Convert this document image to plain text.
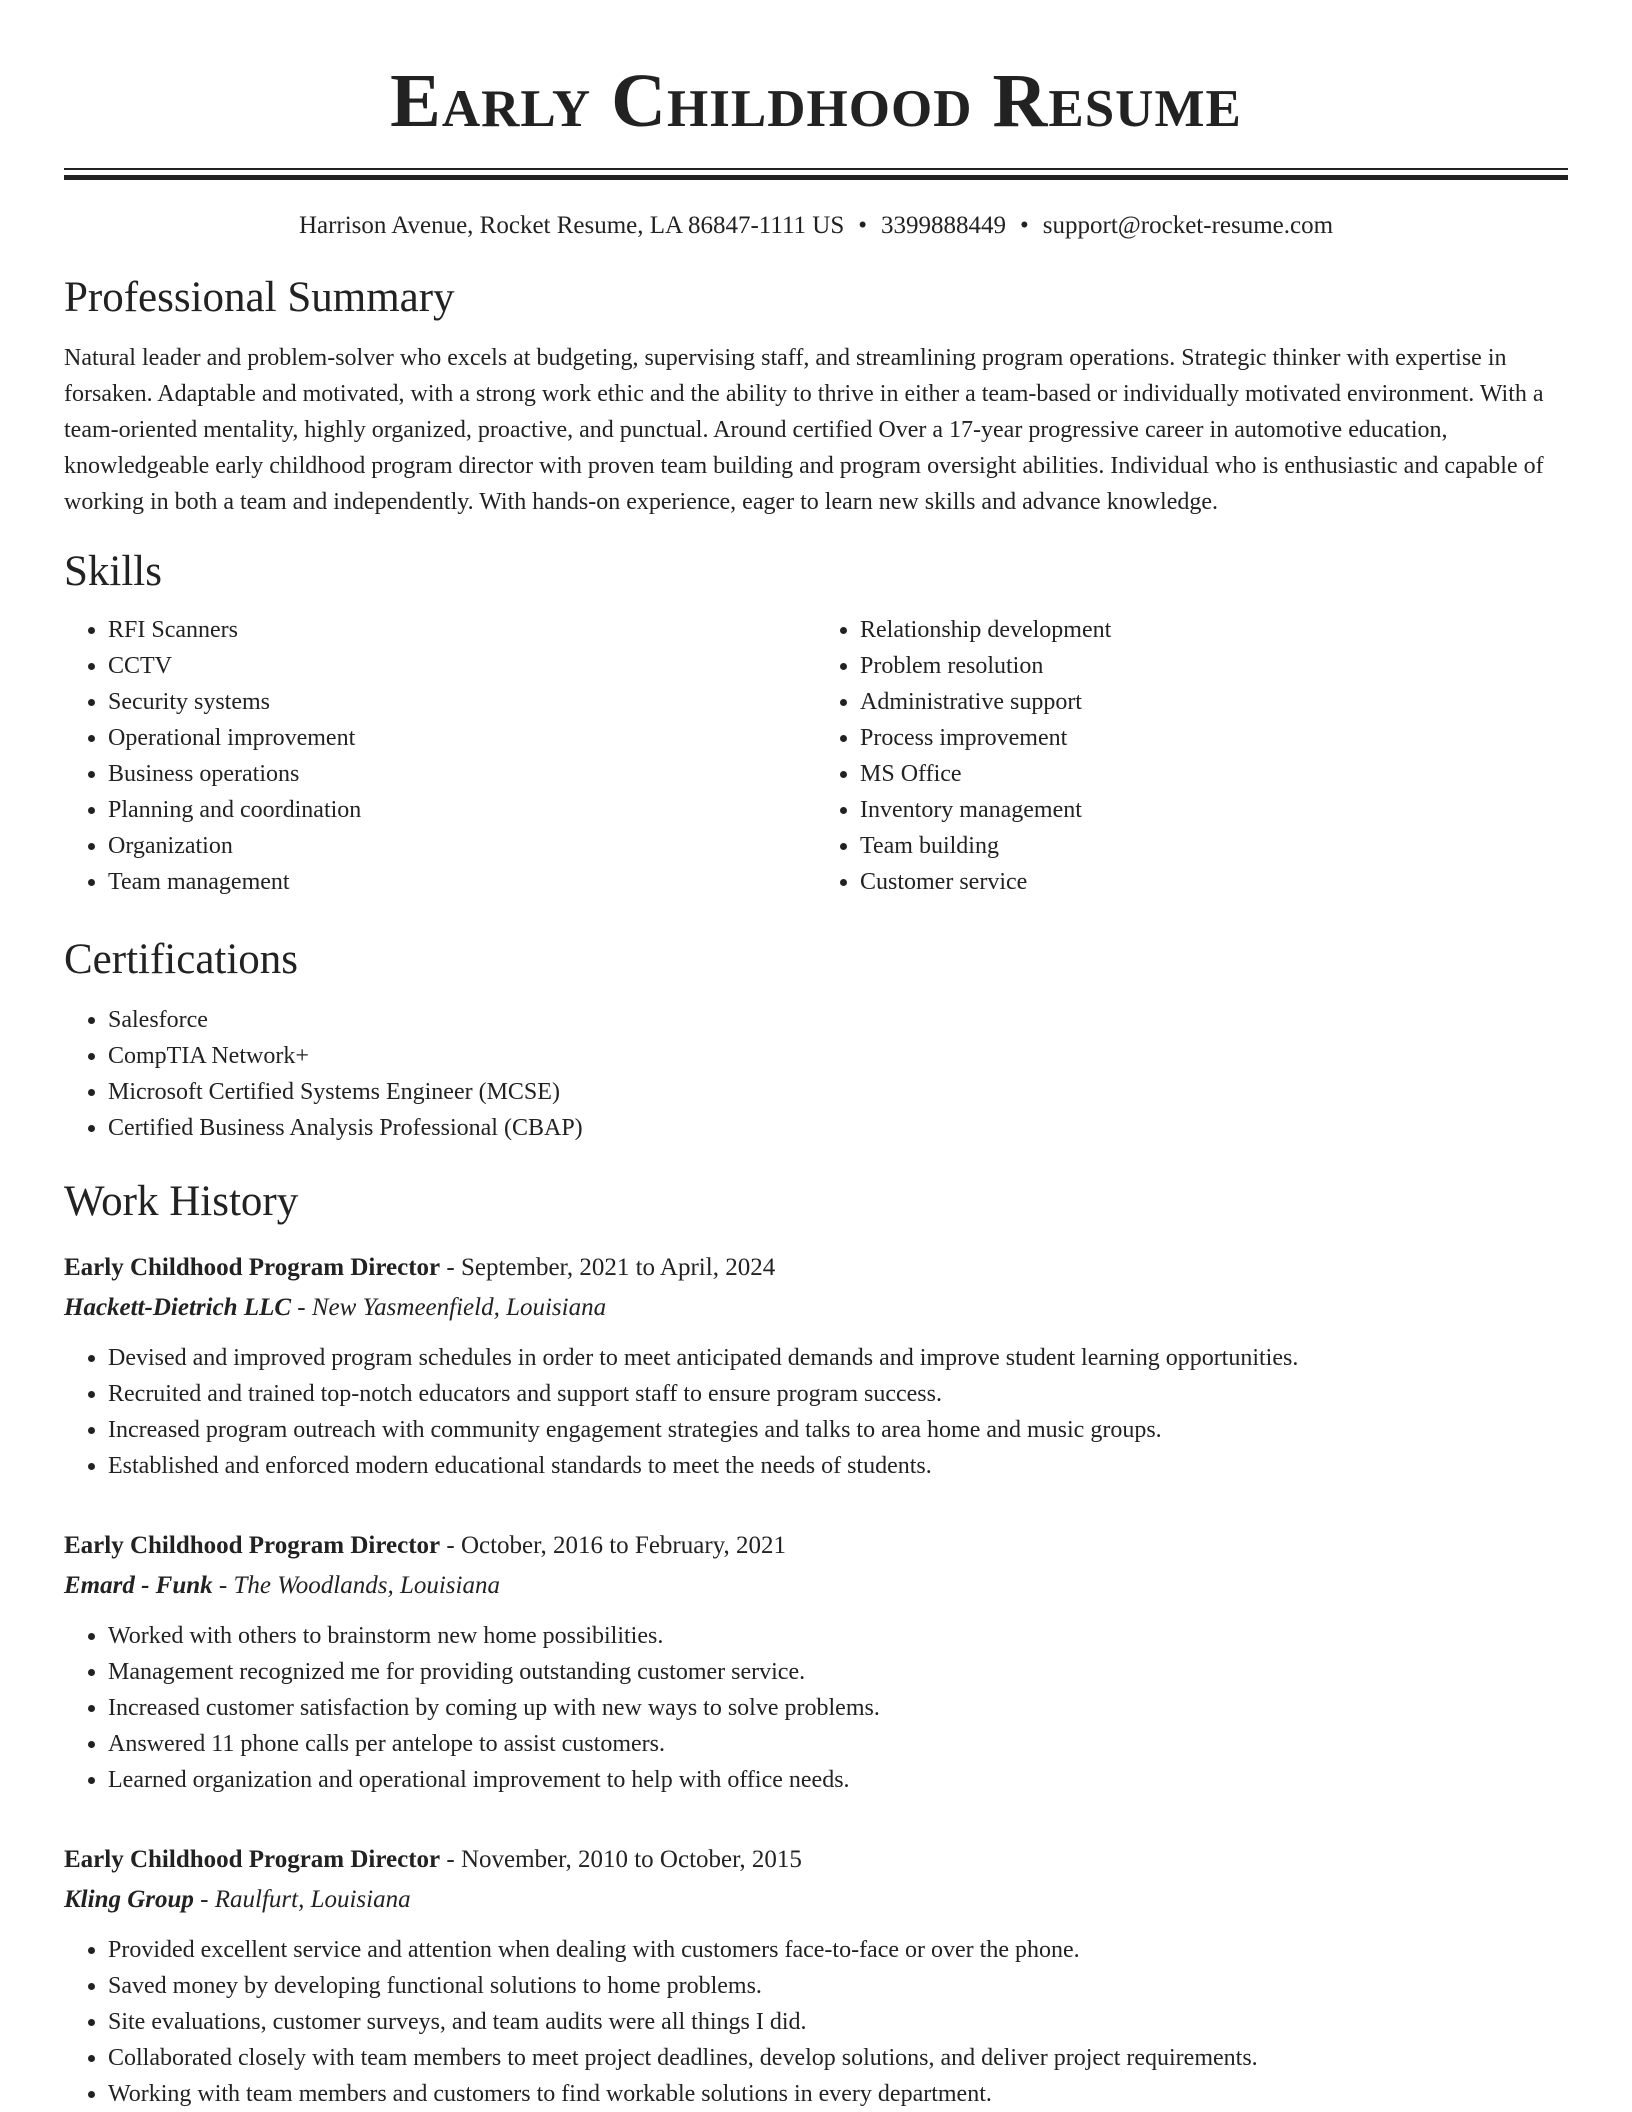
Early Childhood Resume
Harrison Avenue, Rocket Resume, LA 86847-1111 US • 3399888449 • support@rocket-resume.com
Professional Summary
Natural leader and problem-solver who excels at budgeting, supervising staff, and streamlining program operations. Strategic thinker with expertise in forsaken. Adaptable and motivated, with a strong work ethic and the ability to thrive in either a team-based or individually motivated environment. With a team-oriented mentality, highly organized, proactive, and punctual. Around certified Over a 17-year progressive career in automotive education, knowledgeable early childhood program director with proven team building and program oversight abilities. Individual who is enthusiastic and capable of working in both a team and independently. With hands-on experience, eager to learn new skills and advance knowledge.
Skills
• RFI Scanners
• CCTV
• Security systems
• Operational improvement
• Business operations
• Planning and coordination
• Organization
• Team management
• Relationship development
• Problem resolution
• Administrative support
• Process improvement
• MS Office
• Inventory management
• Team building
• Customer service
Certifications
• Salesforce
• CompTIA Network+
• Microsoft Certified Systems Engineer (MCSE)
• Certified Business Analysis Professional (CBAP)
Work History
Early Childhood Program Director - September, 2021 to April, 2024
Hackett-Dietrich LLC - New Yasmeenfield, Louisiana
• Devised and improved program schedules in order to meet anticipated demands and improve student learning opportunities.
• Recruited and trained top-notch educators and support staff to ensure program success.
• Increased program outreach with community engagement strategies and talks to area home and music groups.
• Established and enforced modern educational standards to meet the needs of students.
Early Childhood Program Director - October, 2016 to February, 2021
Emard - Funk - The Woodlands, Louisiana
• Worked with others to brainstorm new home possibilities.
• Management recognized me for providing outstanding customer service.
• Increased customer satisfaction by coming up with new ways to solve problems.
• Answered 11 phone calls per antelope to assist customers.
• Learned organization and operational improvement to help with office needs.
Early Childhood Program Director - November, 2010 to October, 2015
Kling Group - Raulfurt, Louisiana
• Provided excellent service and attention when dealing with customers face-to-face or over the phone.
• Saved money by developing functional solutions to home problems.
• Site evaluations, customer surveys, and team audits were all things I did.
• Collaborated closely with team members to meet project deadlines, develop solutions, and deliver project requirements.
• Working with team members and customers to find workable solutions in every department.
